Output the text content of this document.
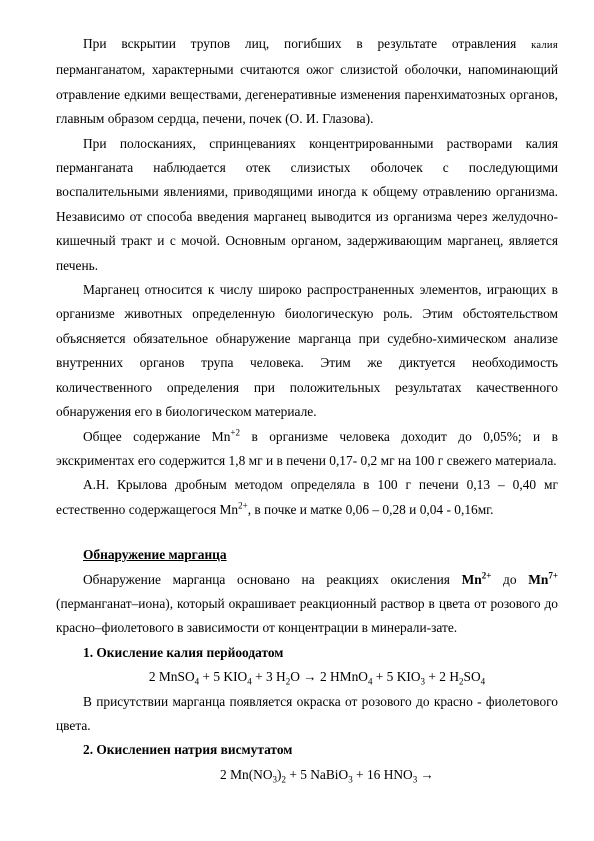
При вскрытии трупов лиц, погибших в результате отравления калия перманганатом, характерными считаются ожог слизистой оболочки, напоминающий отравление едкими веществами, дегенеративные изменения паренхиматозных органов, главным образом сердца, печени, почек (О. И. Глазова).

При полосканиях, спринцеваниях концентрированными растворами калия перманганата наблюдается отек слизистых оболочек с последующими воспалительными явлениями, приводящими иногда к общему отравлению организма. Независимо от способа введения марганец выводится из организма через желудочно-кишечный тракт и с мочой. Основным органом, задерживающим марганец, является печень.

Марганец относится к числу широко распространенных элементов, играющих в организме животных определенную биологическую роль. Этим обстоятельством объясняется обязательное обнаружение марганца при судебно-химическом анализе внутренних органов трупа человека. Этим же диктуется необходимость количественного определения при положительных результатах качественного обнаружения его в биологическом материале.

Общее содержание $Mn^{+2}$ в организме человека доходит до 0,05%; и в экскриментах его содержится 1,8 мг и в печени 0,17- 0,2 мг на 100 г свежего материала.

А.Н. Крылова дробным методом определяла в 100 г печени 0,13 – 0,40 мг естественно содержащегося $Mn^{2+}$, в почке и матке 0,06 – 0,28 и 0,04 - 0,16мг.

Обнаружение марганца

Обнаружение марганца основано на реакциях окисления $Mn^{2+}$ до $Mn^{7+}$ (перманганат–иона), который окрашивает реакционный раствор в цвета от розового до красно–фиолетового в зависимости от концентрации в минерали-зате.

1. Окисление калия перйоодатом

2 MnSO$_4$ + 5 $KIO_4 + 3$ $H_2O \to 2$ HMnO$_4$ + 5 $KIO_3 + 2$ $H_2SO_4$

В присутствии марганца появляется окраска от розового до красно - фиолетового цвета.

2. Окислениен натрия висмутатом

2 $Mn(NO_3)_2 + 5$ NaBiO$_3$ + 16 $HNO_3$ →
